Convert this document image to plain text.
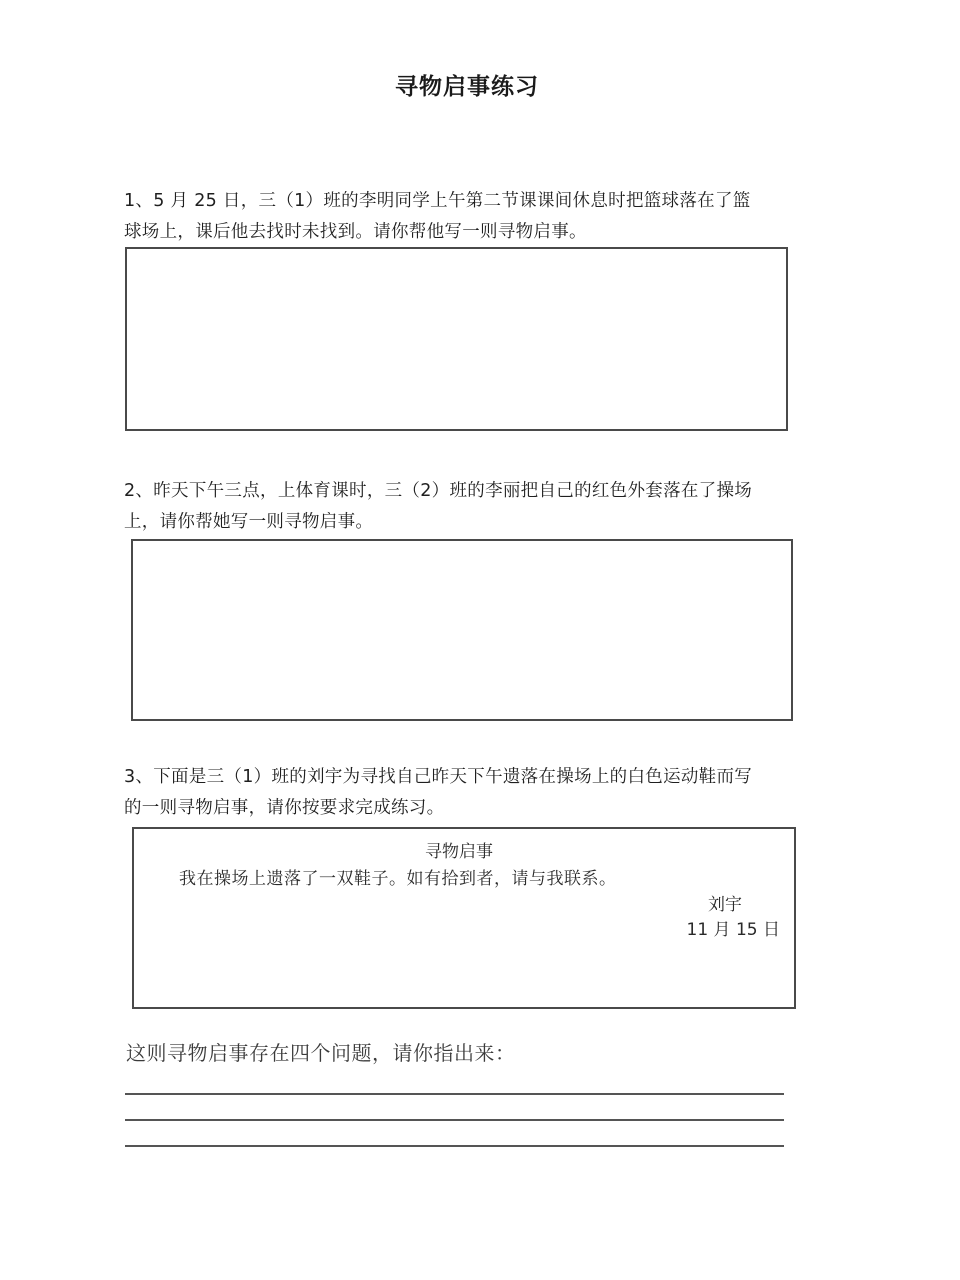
寻物启事练习
1、5 月 25 日，三（1）班的李明同学上午第二节课课间休息时把篮球落在了篮
球场上，课后他去找时未找到。请你帮他写一则寻物启事。
2、昨天下午三点，上体育课时，三（2）班的李丽把自己的红色外套落在了操场
上，请你帮她写一则寻物启事。
3、下面是三（1）班的刘宇为寻找自己昨天下午遗落在操场上的白色运动鞋而写
的一则寻物启事，请你按要求完成练习。
寻物启事
我在操场上遗落了一双鞋子。如有拾到者，请与我联系。
刘宇
11 月 15 日
这则寻物启事存在四个问题，请你指出来：
